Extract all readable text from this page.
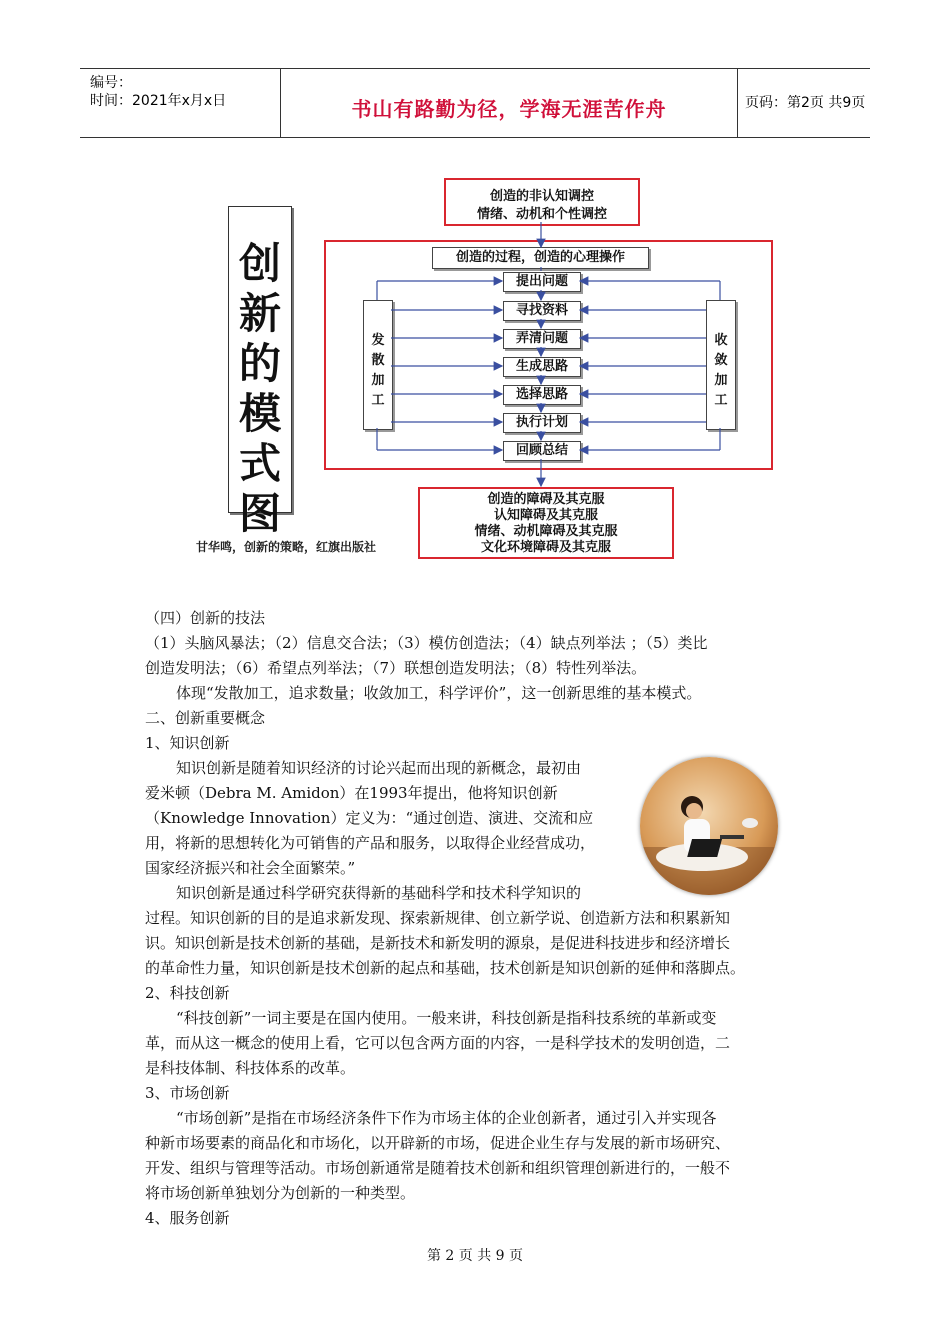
编号：
时间：2021年x月x日	书山有路勤为径，学海无涯苦作舟	页码：第2页 共9页
创
新
的
模
式
图
创造的非认知调控
情绪、动机和个性调控
创造的过程，创造的心理操作
发
散
加
工
收
敛
加
工
提出问题
寻找资料
弄清问题
生成思路
选择思路
执行计划
回顾总结
创造的障碍及其克服
认知障碍及其克服
情绪、动机障碍及其克服
文化环境障碍及其克服
甘华鸣，创新的策略，红旗出版社
（四）创新的技法
（1）头脑风暴法；（2）信息交合法；（3）模仿创造法；（4）缺点列举法 ；（5）类比
创造发明法；（6）希望点列举法；（7）联想创造发明法；（8）特性列举法。
体现“发散加工，追求数量；收敛加工，科学评价”，这一创新思维的基本模式。
二、创新重要概念
1、知识创新
知识创新是随着知识经济的讨论兴起而出现的新概念，最初由
爱米顿（Debra M. Amidon）在1993年提出，他将知识创新
（Knowledge Innovation）定义为：“通过创造、演进、交流和应
用，将新的思想转化为可销售的产品和服务，以取得企业经营成功，
国家经济振兴和社会全面繁荣。”
知识创新是通过科学研究获得新的基础科学和技术科学知识的
过程。知识创新的目的是追求新发现、探索新规律、创立新学说、创造新方法和积累新知
识。知识创新是技术创新的基础，是新技术和新发明的源泉，是促进科技进步和经济增长
的革命性力量，知识创新是技术创新的起点和基础，技术创新是知识创新的延伸和落脚点。
2、科技创新
“科技创新”一词主要是在国内使用。一般来讲，科技创新是指科技系统的革新或变
革，而从这一概念的使用上看，它可以包含两方面的内容，一是科学技术的发明创造，二
是科技体制、科技体系的改革。
3、市场创新
“市场创新”是指在市场经济条件下作为市场主体的企业创新者，通过引入并实现各
种新市场要素的商品化和市场化，以开辟新的市场，促进企业生存与发展的新市场研究、
开发、组织与管理等活动。市场创新通常是随着技术创新和组织管理创新进行的，一般不
将市场创新单独划分为创新的一种类型。
4、服务创新
第 2 页 共 9 页
